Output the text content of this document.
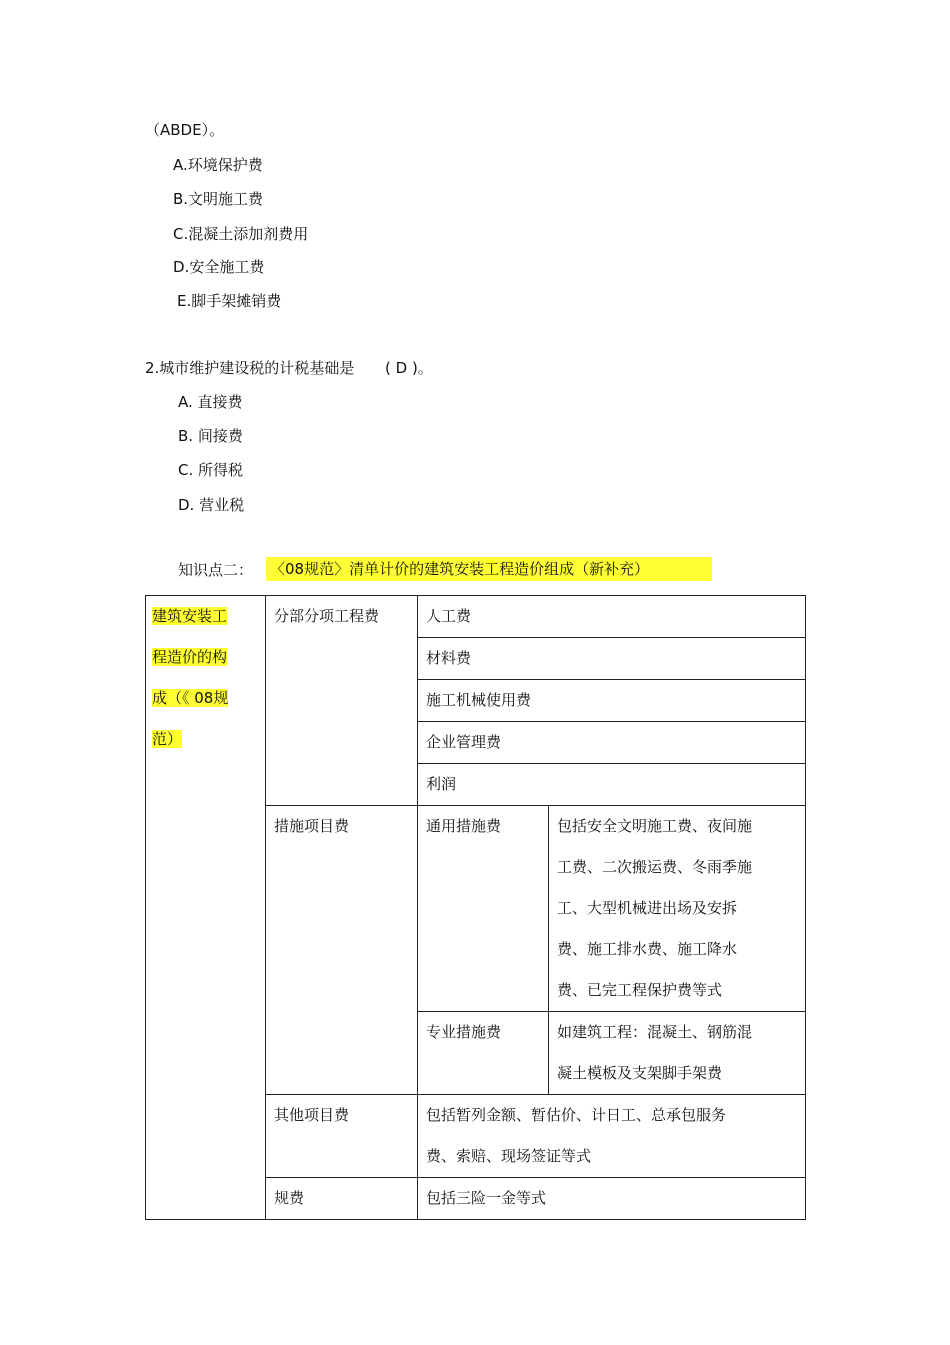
（ABDE）。
A.环境保护费
B.文明施工费
C.混凝土添加剂费用
D.安全施工费
E.脚手架摊销费
2.城市维护建设税的计税基础是 ( D )。
A. 直接费
B. 间接费
C. 所得税
D. 营业税
知识点二： 〈08规范〉清单计价的建筑安装工程造价组成（新补充）
建筑安装工
程造价的构
成（《 08规
范）	分部分项工程费	人工费	
		材料费	
		施工机械使用费	
		企业管理费	
		利润	
	措施项目费	通用措施费	包括安全文明施工费、夜间施
工费、二次搬运费、冬雨季施
工、大型机械进出场及安拆
费、施工排水费、施工降水
费、已完工程保护费等式

		专业措施费	如建筑工程：混凝土、钢筋混
凝土模板及支架脚手架费

	其他项目费	包括暂列金额、暂估价、计日工、总承包服务
费、索赔、现场签证等式	

	规费	包括三险一金等式	
